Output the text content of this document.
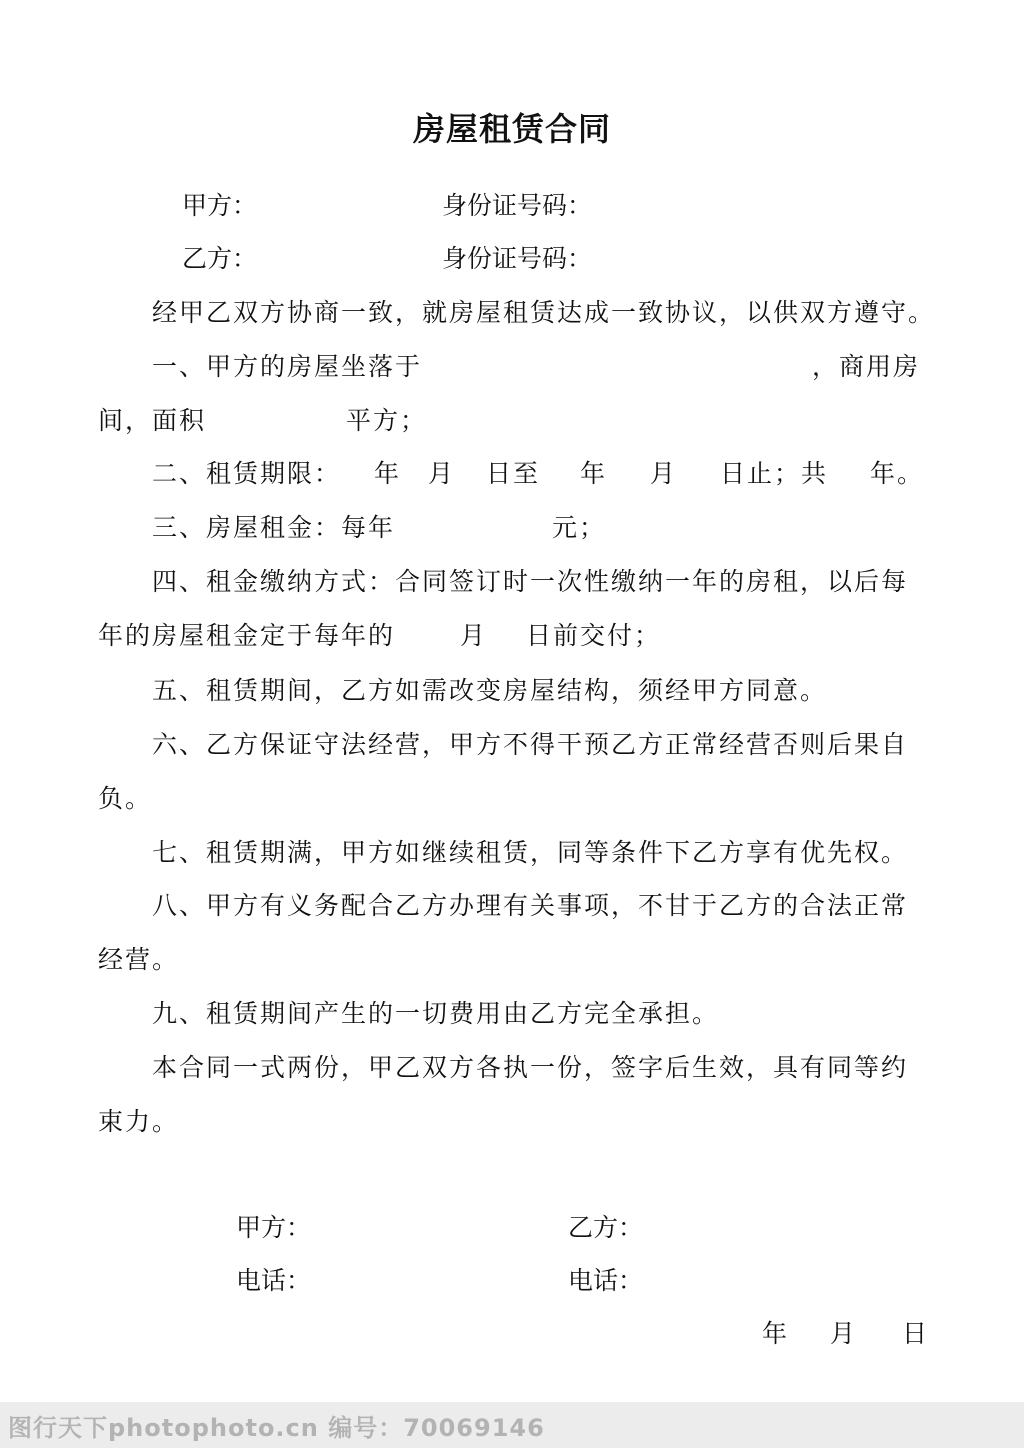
房屋租赁合同
甲方：	身份证号码：
乙方：	身份证号码：
经甲乙双方协商一致，就房屋租赁达成一致协议，以供双方遵守。
一、甲方的房屋坐落于	，商用房
间，面积	平方；
二、租赁期限： 年 月 日至 年 月 日止；共 年。
三、房屋租金：每年	元；
四、租金缴纳方式：合同签订时一次性缴纳一年的房租，以后每
年的房屋租金定于每年的	月 日前交付；
五、租赁期间，乙方如需改变房屋结构，须经甲方同意。
六、乙方保证守法经营，甲方不得干预乙方正常经营否则后果自
负。
七、租赁期满，甲方如继续租赁，同等条件下乙方享有优先权。
八、甲方有义务配合乙方办理有关事项，不甘于乙方的合法正常
经营。
九、租赁期间产生的一切费用由乙方完全承担。
本合同一式两份，甲乙双方各执一份，签字后生效，具有同等约
束力。
甲方：	乙方：
电话：	电话：
年 月 日
图行天下photophoto.cn 编号：70069146
